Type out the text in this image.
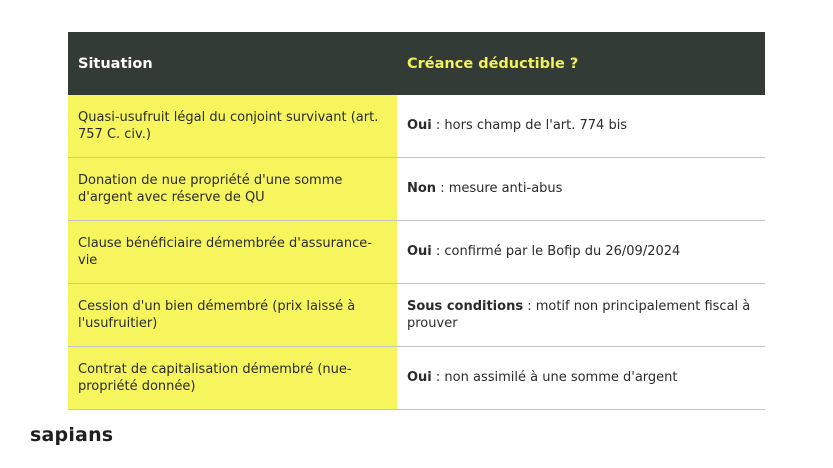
Situation	Créance déductible ?
Quasi-usufruit légal du conjoint survivant (art. 757 C. civ.)
Oui : hors champ de l'art. 774 bis
Donation de nue propriété d'une somme d'argent avec réserve de QU
Non : mesure anti-abus
Clause bénéficiaire démembrée d'assurance-vie
Oui : confirmé par le Bofip du 26/09/2024
Cession d'un bien démembré (prix laissé à l'usufruitier)
Sous conditions : motif non principalement fiscal à prouver
Contrat de capitalisation démembré (nue-propriété donnée)
Oui : non assimilé à une somme d'argent
sapians
